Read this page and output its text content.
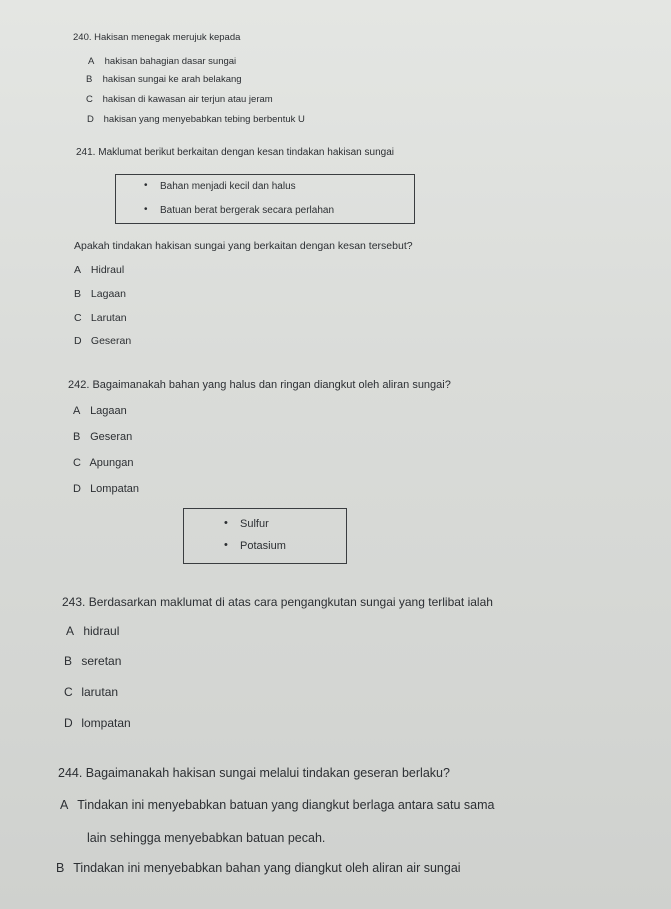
240. Hakisan menegak merujuk kepada
A hakisan bahagian dasar sungai
B hakisan sungai ke arah belakang
C hakisan di kawasan air terjun atau jeram
D hakisan yang menyebabkan tebing berbentuk U
241. Maklumat berikut berkaitan dengan kesan tindakan hakisan sungai
• Bahan menjadi kecil dan halus
• Batuan berat bergerak secara perlahan
Apakah tindakan hakisan sungai yang berkaitan dengan kesan tersebut?
A Hidraul
B Lagaan
C Larutan
D Geseran
242. Bagaimanakah bahan yang halus dan ringan diangkut oleh aliran sungai?
A Lagaan
B Geseran
C Apungan
D Lompatan
• Sulfur
• Potasium
243. Berdasarkan maklumat di atas cara pengangkutan sungai yang terlibat ialah
A hidraul
B seretan
C larutan
D lompatan
244. Bagaimanakah hakisan sungai melalui tindakan geseran berlaku?
A Tindakan ini menyebabkan batuan yang diangkut berlaga antara satu sama
lain sehingga menyebabkan batuan pecah.
B Tindakan ini menyebabkan bahan yang diangkut oleh aliran air sungai
